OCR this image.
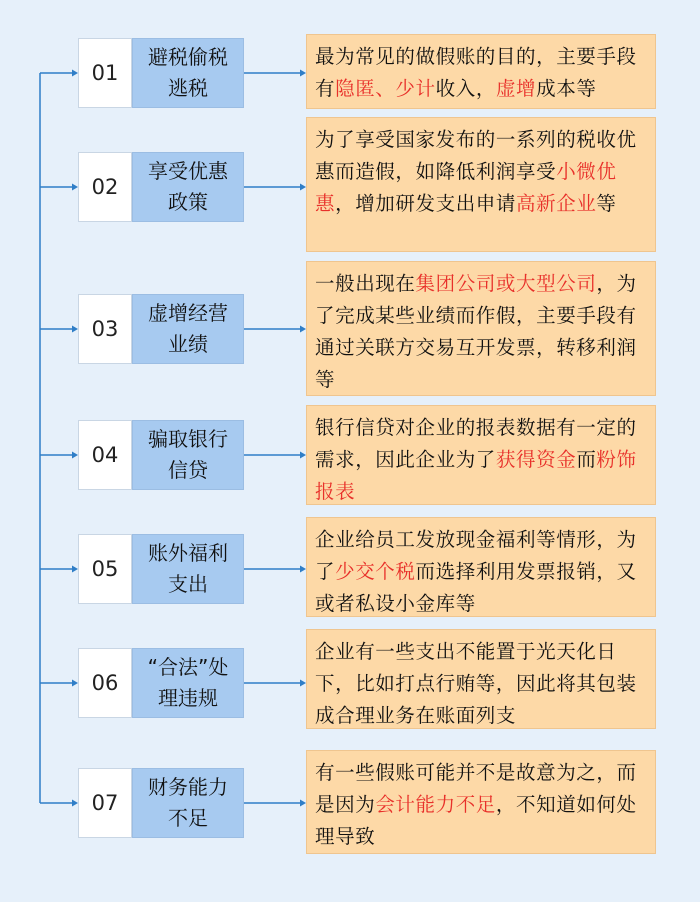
01
避税偷税
逃税
最为常见的做假账的目的，主要手段有隐匿、少计收入，虚增成本等
02
享受优惠
政策
为了享受国家发布的一系列的税收优惠而造假，如降低利润享受小微优惠，增加研发支出申请高新企业等
03
虚增经营
业绩
一般出现在集团公司或大型公司，为了完成某些业绩而作假，主要手段有通过关联方交易互开发票，转移利润等
04
骗取银行
信贷
银行信贷对企业的报表数据有一定的需求，因此企业为了获得资金而粉饰报表
05
账外福利
支出
企业给员工发放现金福利等情形，为了少交个税而选择利用发票报销，又或者私设小金库等
06
“合法”处
理违规
企业有一些支出不能置于光天化日下，比如打点行贿等，因此将其包装成合理业务在账面列支
07
财务能力
不足
有一些假账可能并不是故意为之，而是因为会计能力不足，不知道如何处理导致
